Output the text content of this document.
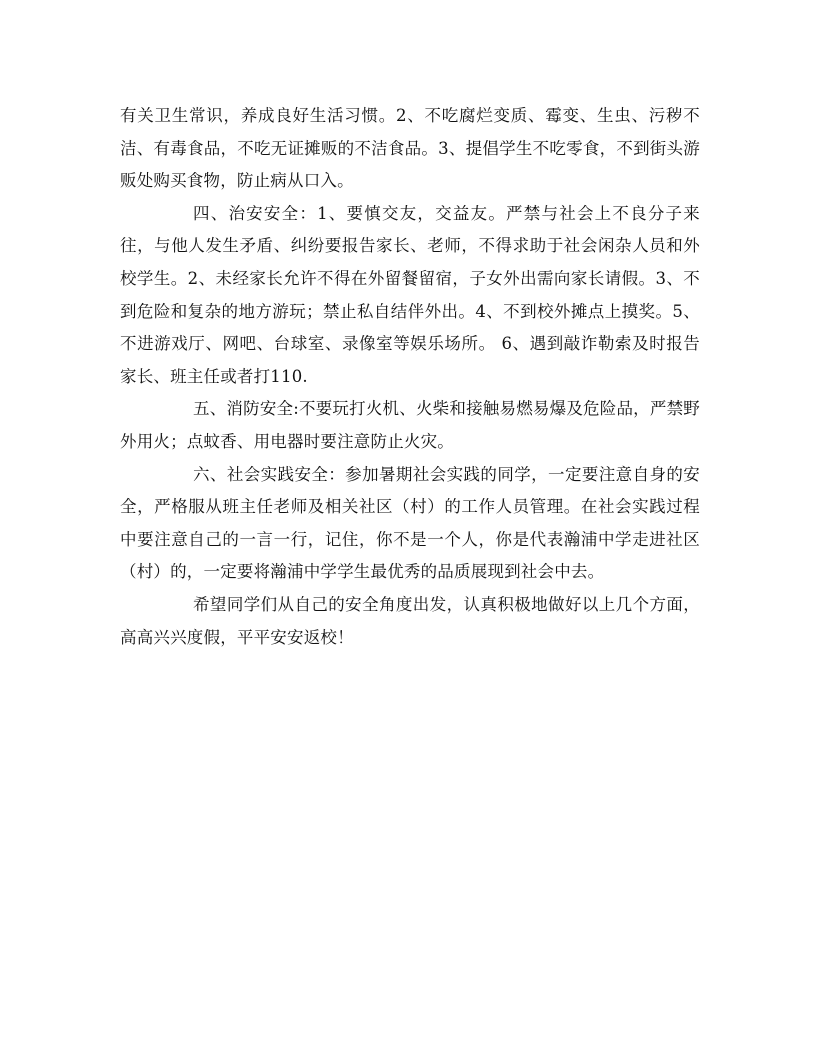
有关卫生常识，养成良好生活习惯。2、不吃腐烂变质、霉变、生虫、污秽不洁、有毒食品，不吃无证摊贩的不洁食品。3、提倡学生不吃零食，不到街头游贩处购买食物，防止病从口入。

四、治安安全：1、要慎交友，交益友。严禁与社会上不良分子来往，与他人发生矛盾、纠纷要报告家长、老师，不得求助于社会闲杂人员和外校学生。2、未经家长允许不得在外留餐留宿，子女外出需向家长请假。3、不到危险和复杂的地方游玩；禁止私自结伴外出。4、不到校外摊点上摸奖。5、不进游戏厅、网吧、台球室、录像室等娱乐场所。 6、遇到敲诈勒索及时报告家长、班主任或者打110.

五、消防安全:不要玩打火机、火柴和接触易燃易爆及危险品，严禁野外用火；点蚊香、用电器时要注意防止火灾。

六、社会实践安全：参加暑期社会实践的同学，一定要注意自身的安全，严格服从班主任老师及相关社区（村）的工作人员管理。在社会实践过程中要注意自己的一言一行，记住，你不是一个人，你是代表瀚浦中学走进社区（村）的，一定要将瀚浦中学学生最优秀的品质展现到社会中去。

希望同学们从自己的安全角度出发，认真积极地做好以上几个方面，高高兴兴度假，平平安安返校！
